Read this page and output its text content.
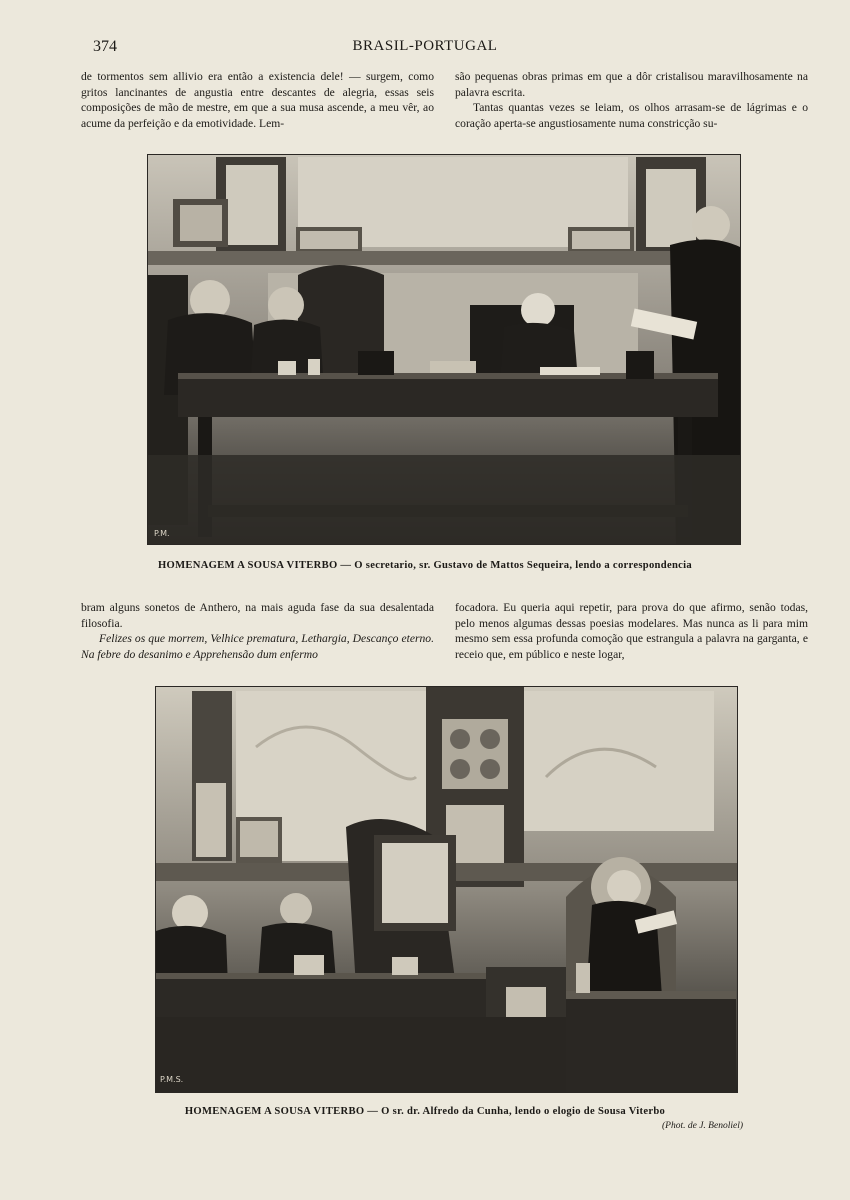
374	BRASIL-PORTUGAL

de tormentos sem allivio era então a existencia dele! — surgem, como gritos lancinantes de angustia entre descantes de alegria, essas seis composições de mão de mestre, em que a sua musa ascende, a meu vêr, ao acume da perfeição e da emotividade. Lem-

são pequenas obras primas em que a dôr cristalisou maravilhosamente na palavra escrita.

Tantas quantas vezes se leiam, os olhos arrasam-se de lágrimas e o coração aperta-se angustiosamente numa constricção su-

P.M.
HOMENAGEM A SOUSA VITERBO — O secretario, sr. Gustavo de Mattos Sequeira, lendo a correspondencia

bram alguns sonetos de Anthero, na mais aguda fase da sua desalentada filosofia.

Felizes os que morrem, Velhice prematura, Lethargia, Descanço eterno. Na febre do desanimo e Apprehensão dum enfermo

focadora. Eu queria aqui repetir, para prova do que afirmo, senão todas, pelo menos algumas dessas poesias modelares. Mas nunca as li para mim mesmo sem essa profunda comoção que estrangula a palavra na garganta, e receio que, em público e neste logar,

P.M.S.
HOMENAGEM A SOUSA VITERBO — O sr. dr. Alfredo da Cunha, lendo o elogio de Sousa Viterbo
(Phot. de J. Benoliel)
